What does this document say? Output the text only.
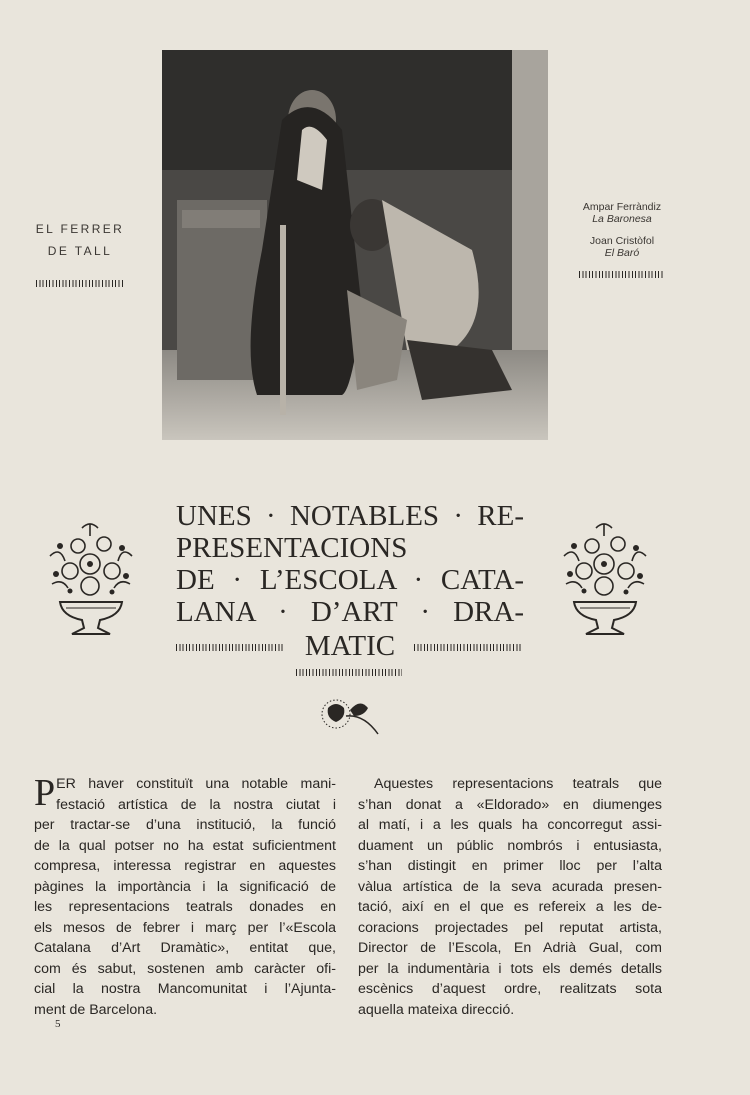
EL FERRER
DE TALL
Ampar Ferràndiz
La Baronesa
Joan Cristòfol
El Baró
UNES · NOTABLES · RE-
PRESENTACIONS
DE · L’ESCOLA · CATA-
LANA · D’ART · DRA-
MATIC
P ER haver constituït una notable mani-
festació artística de la nostra ciutat i
per tractar-se d’una institució, la funció
de la qual potser no ha estat suficientment
compresa, interessa registrar en aquestes
pàgines la importància i la significació de
les representacions teatrals donades en
els mesos de febrer i març per l’«Escola
Catalana d’Art Dramàtic», entitat que,
com és sabut, sostenen amb caràcter ofi-
cial la nostra Mancomunitat i l’Ajunta-
ment de Barcelona.
Aquestes representacions teatrals que
s’han donat a «Eldorado» en diumenges
al matí, i a les quals ha concorregut assi-
duament un públic nombrós i entusiasta,
s’han distingit en primer lloc per l’alta
vàlua artística de la seva acurada presen-
tació, així en el que es refereix a les de-
coracions projectades pel reputat artista,
Director de l’Escola, En Adrià Gual, com
per la indumentària i tots els demés detalls
escènics d’aquest ordre, realitzats sota
aquella mateixa direcció.
5
